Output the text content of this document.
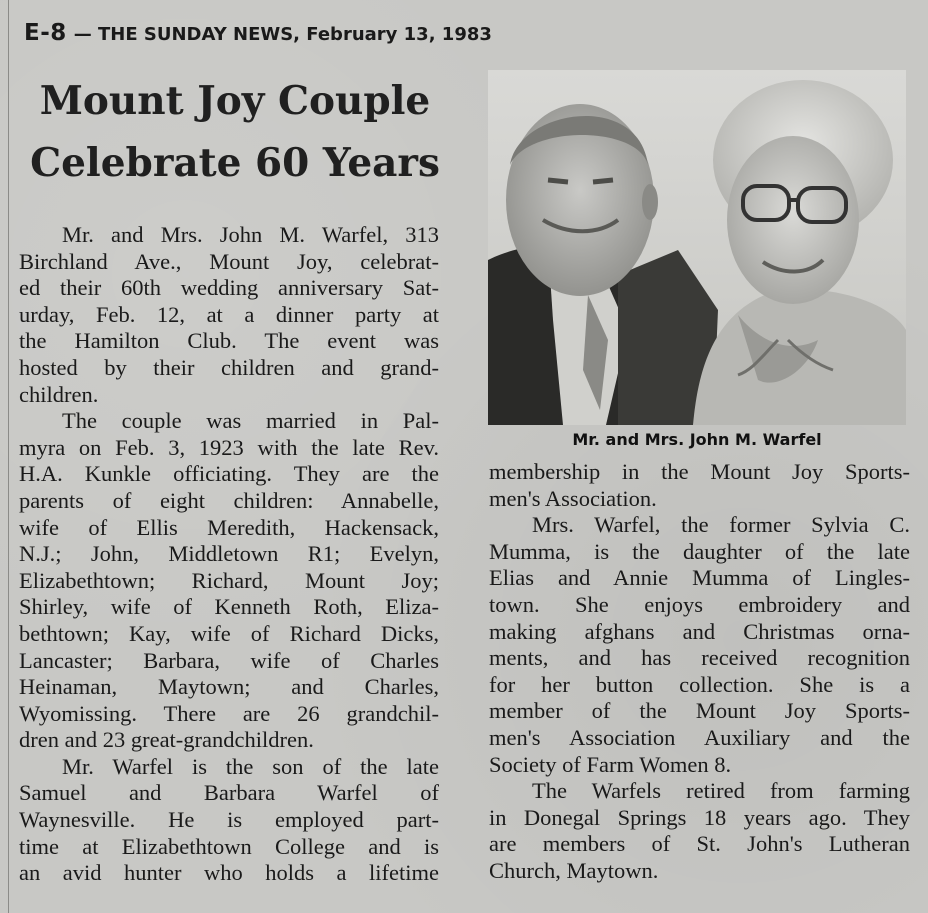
E-8 — THE SUNDAY NEWS, February 13, 1983
Mount Joy Couple
Celebrate 60 Years
Mr. and Mrs. John M. Warfel, 313
Birchland Ave., Mount Joy, celebrat-
ed their 60th wedding anniversary Sat-
urday, Feb. 12, at a dinner party at
the Hamilton Club. The event was
hosted by their children and grand-
children.
The couple was married in Pal-
myra on Feb. 3, 1923 with the late Rev.
H.A. Kunkle officiating. They are the
parents of eight children: Annabelle,
wife of Ellis Meredith, Hackensack,
N.J.; John, Middletown R1; Evelyn,
Elizabethtown; Richard, Mount Joy;
Shirley, wife of Kenneth Roth, Eliza-
bethtown; Kay, wife of Richard Dicks,
Lancaster; Barbara, wife of Charles
Heinaman, Maytown; and Charles,
Wyomissing. There are 26 grandchil-
dren and 23 great-grandchildren.
Mr. Warfel is the son of the late
Samuel and Barbara Warfel of
Waynesville. He is employed part-
time at Elizabethtown College and is
an avid hunter who holds a lifetime
Mr. and Mrs. John M. Warfel
membership in the Mount Joy Sports-
men's Association.
Mrs. Warfel, the former Sylvia C.
Mumma, is the daughter of the late
Elias and Annie Mumma of Lingles-
town. She enjoys embroidery and
making afghans and Christmas orna-
ments, and has received recognition
for her button collection. She is a
member of the Mount Joy Sports-
men's Association Auxiliary and the
Society of Farm Women 8.
The Warfels retired from farming
in Donegal Springs 18 years ago. They
are members of St. John's Lutheran
Church, Maytown.
